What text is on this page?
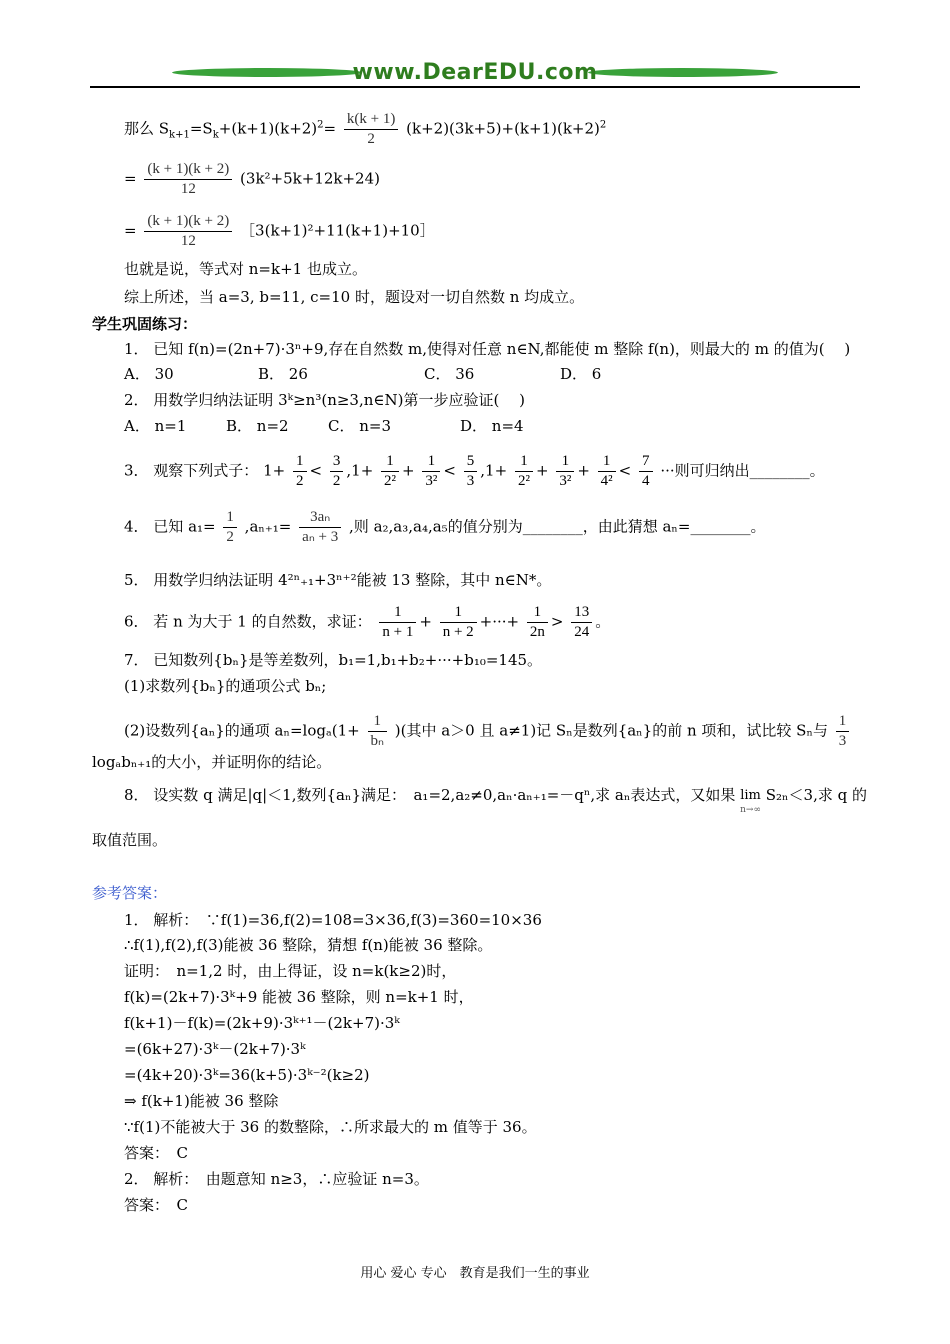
www.DearEDU.com
那么 $S_{k+1}=S_k+(k+1)(k+2)^2= \frac{k(k + 1)}{2} (k+2)(3k+5)+(k+1)(k+2)^2$
= $\frac{(k + 1)(k + 2)}{12} (3k^2+5k+12k+24)$
= $\frac{(k + 1)(k + 2)}{12}$ ［3(k+1)²+11(k+1)+10］
也就是说，等式对 n=k+1 也成立。
综上所述，当 a=3, b=11, c=10 时，题设对一切自然数 n 均成立。
学生巩固练习：
1． 已知 f(n)=(2n+7)·3ⁿ+9,存在自然数 m,使得对任意 n∈N,都能使 m 整除 f(n)，则最大的 m 的值为(　 )
A． 30	B． 26	C． 36	D． 6
2． 用数学归纳法证明 3ᵏ≥n³(n≥3,n∈N)第一步应验证(　 )
A． n=1	B． n=2	C． n=3	D． n=4
3． 观察下列式子： $1+ \frac{1}{2} < \frac{3}{2} ,1+ \frac{1}{\text{2²}} + \frac{1}{\text{3²}} < \frac{5}{3} ,1+ \frac{1}{\text{2²}} + \frac{1}{\text{3²}} + \frac{1}{\text{4²}} < \frac{7}{4}$ ···则可归纳出________。
4． 已知 $a_1= \frac{1}{2} ,a_{n+1}= \frac{\text{3aₙ}}{\text{aₙ + 3}}$ ,则 a₂,a₃,a₄,a₅的值分别为________，由此猜想 aₙ=________。
5． 用数学归纳法证明 4²ⁿ₊₁+3ⁿ⁺²能被 13 整除，其中 n∈N*。
6． 若 n 为大于 1 的自然数，求证： $\frac{1}{n + 1} + \frac{1}{n + 2}$ +···+ $\frac{1}{2n} > \frac{13}{24}$ 。
7． 已知数列{bₙ}是等差数列，b₁=1,b₁+b₂+···+b₁₀=145。
(1)求数列{bₙ}的通项公式 bₙ;
(2)设数列{aₙ}的通项 $a_n=\log_a(1+ \frac{1}{\text{bₙ}}$ )(其中 a＞0 且 a≠1)记 Sₙ是数列{aₙ}的前 n 项和，试比较 Sₙ与 $\frac{1}{3}$
logₐbₙ₊₁的大小，并证明你的结论。
8． 设实数 q 满足|q|＜1,数列{aₙ}满足：　a₁=2,a₂≠0,aₙ·aₙ₊₁=－qⁿ,求 aₙ表达式，又如果 lim
n→∞
S₂ₙ＜3,求 q 的
取值范围。
参考答案：
1． 解析：　∵f(1)=36,f(2)=108=3×36,f(3)=360=10×36
∴f(1),f(2),f(3)能被 36 整除，猜想 f(n)能被 36 整除。
证明：　n=1,2 时，由上得证，设 n=k(k≥2)时，
f(k)=(2k+7)·3ᵏ+9 能被 36 整除，则 n=k+1 时，
f(k+1)－f(k)=(2k+9)·3ᵏ⁺¹－(2k+7)·3ᵏ
=(6k+27)·3ᵏ－(2k+7)·3ᵏ
=(4k+20)·3ᵏ=36(k+5)·3ᵏ⁻²(k≥2)
⇒ f(k+1)能被 36 整除
∵f(1)不能被大于 36 的数整除，∴所求最大的 m 值等于 36。
答案：　C
2． 解析：　由题意知 n≥3，∴应验证 n=3。
答案：　C
用心 爱心 专心　教育是我们一生的事业
